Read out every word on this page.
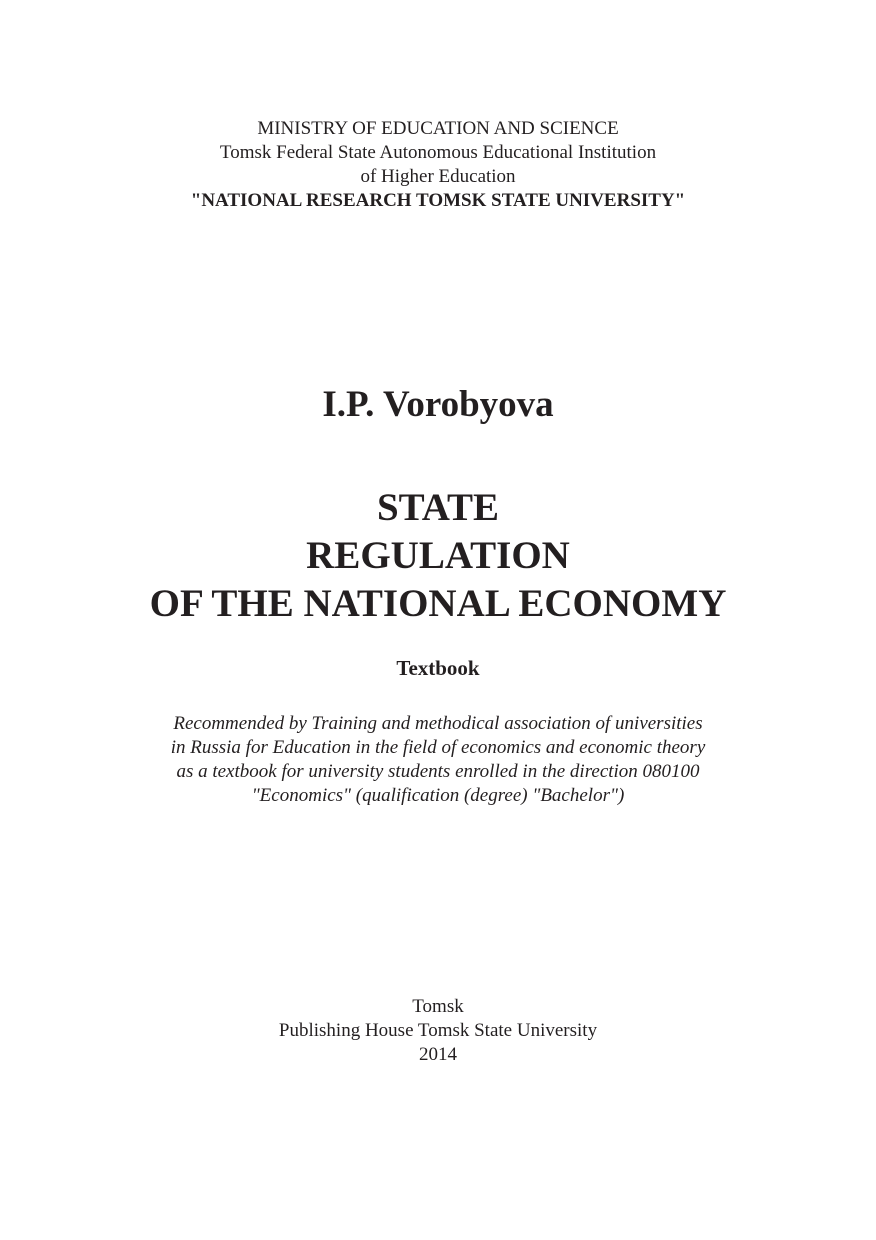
MINISTRY OF EDUCATION AND SCIENCE
Tomsk Federal State Autonomous Educational Institution
of Higher Education
"NATIONAL RESEARCH TOMSK STATE UNIVERSITY"
I.P. Vorobyova
STATE
REGULATION
OF THE NATIONAL ECONOMY
Textbook
Recommended by Training and methodical association of universities
in Russia for Education in the field of economics and economic theory
as a textbook for university students enrolled in the direction 080100
"Economics" (qualification (degree) "Bachelor")
Tomsk
Publishing House Tomsk State University
2014
